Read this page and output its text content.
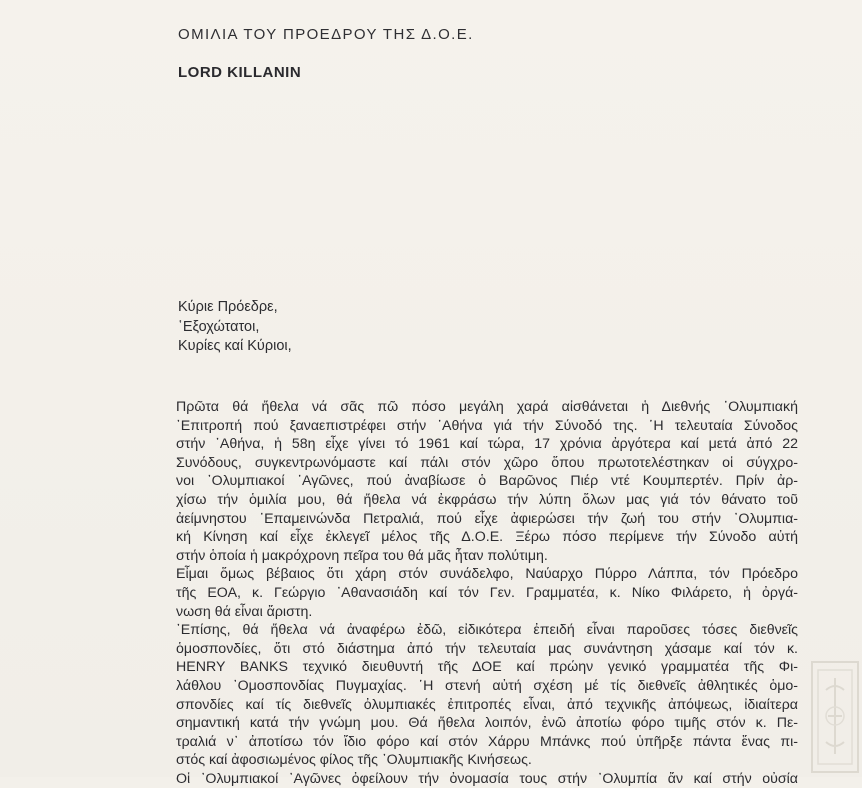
ΟΜΙΛΙΑ ΤΟΥ ΠΡΟΕΔΡΟΥ ΤΗΣ Δ.Ο.Ε.
LORD KILLANIN
Κύριε Πρόεδρε,
῾Εξοχώτατοι,
Κυρίες καί Κύριοι,
Πρῶτα θά ἤθελα νά σᾶς πῶ πόσο μεγάλη χαρά αἰσθάνεται ἡ Διεθνής ᾿Ολυμπιακή
᾿Επιτροπή πού ξαναεπιστρέφει στήν ᾿Αθήνα γιά τήν Σύνοδό της. ῾Η τελευταία Σύνοδος
στήν ᾿Αθήνα, ἡ 58η εἶχε γίνει τό 1961 καί τώρα, 17 χρόνια ἀργότερα καί μετά ἀπό 22
Συνόδους, συγκεντρωνόμαστε καί πάλι στόν χῶρο ὅπου πρωτοτελέστηκαν οἱ σύγχρο-
νοι ᾿Ολυμπιακοί ᾿Αγῶνες, πού ἀναβίωσε ὁ Βαρῶνος Πιέρ ντέ Κουμπερτέν. Πρίν ἀρ-
χίσω τήν ὁμιλία μου, θά ἤθελα νά ἐκφράσω τήν λύπη ὅλων μας γιά τόν θάνατο τοῦ
ἀείμνηστου ᾿Επαμεινώνδα Πετραλιά, πού εἶχε ἀφιερώσει τήν ζωή του στήν ᾿Ολυμπια-
κή Κίνηση καί εἶχε ἐκλεγεῖ μέλος τῆς Δ.Ο.Ε. Ξέρω πόσο περίμενε τήν Σύνοδο αὐτή
στήν ὁποία ἡ μακρόχρονη πεῖρα του θά μᾶς ἦταν πολύτιμη.
Εἶμαι ὅμως βέβαιος ὅτι χάρη στόν συνάδελφο, Ναύαρχο Πύρρο Λάππα, τόν Πρόεδρο
τῆς ΕΟΑ, κ. Γεώργιο ᾿Αθανασιάδη καί τόν Γεν. Γραμματέα, κ. Νίκο Φιλάρετο, ἡ ὀργά-
νωση θά εἶναι ἄριστη.
᾿Επίσης, θά ἤθελα νά ἀναφέρω ἐδῶ, εἰδικότερα ἐπειδή εἶναι παροῦσες τόσες διεθνεῖς
ὁμοσπονδίες, ὅτι στό διάστημα ἀπό τήν τελευταία μας συνάντηση χάσαμε καί τόν κ.
HENRY BANKS τεχνικό διευθυντή τῆς ΔΟΕ καί πρώην γενικό γραμματέα τῆς Φι-
λάθλου ᾿Ομοσπονδίας Πυγμαχίας. ῾Η στενή αὐτή σχέση μέ τίς διεθνεῖς ἀθλητικές ὁμο-
σπονδίες καί τίς διεθνεῖς ὀλυμπιακές ἐπιτροπές εἶναι, ἀπό τεχνικῆς ἀπόψεως, ἰδιαίτερα
σημαντική κατά τήν γνώμη μου. Θά ἤθελα λοιπόν, ἐνῶ ἀποτίω φόρο τιμῆς στόν κ. Πε-
τραλιά ν᾿ ἀποτίσω τόν ἴδιο φόρο καί στόν Χάρρυ Μπάνκς πού ὑπῆρξε πάντα ἕνας πι-
στός καί ἀφοσιωμένος φίλος τῆς ᾿Ολυμπιακῆς Κινήσεως.
Οἱ ᾿Ολυμπιακοί ᾿Αγῶνες ὀφείλουν τήν ὀνομασία τους στήν ᾿Ολυμπία ἄν καί στήν οὐσία
